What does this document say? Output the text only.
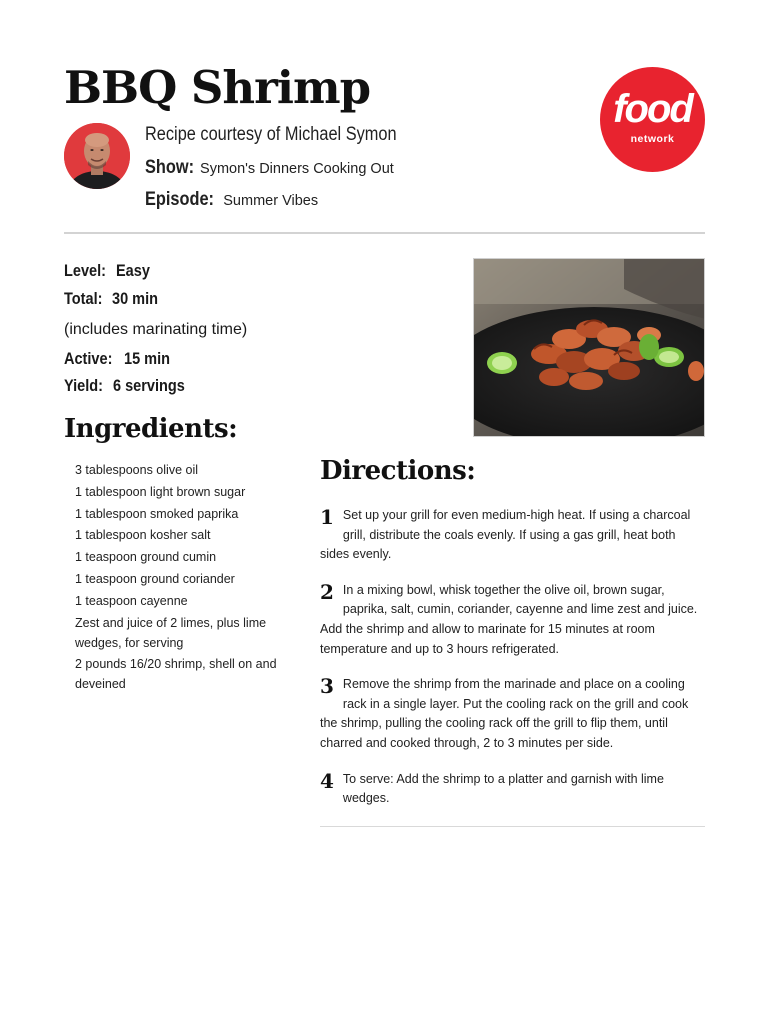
BBQ Shrimp

Recipe courtesy of Michael Symon

Show: Symon's Dinners Cooking Out

Episode: Summer Vibes

food
network

Level: Easy

Total: 30 min

(includes marinating time)

Active: 15 min

Yield: 6 servings

Ingredients:
3 tablespoons olive oil
1 tablespoon light brown sugar
1 tablespoon smoked paprika
1 tablespoon kosher salt
1 teaspoon ground cumin
1 teaspoon ground coriander
1 teaspoon cayenne
Zest and juice of 2 limes, plus lime wedges, for serving
2 pounds 16/20 shrimp, shell on and deveined
Directions:
1 Set up your grill for even medium-high heat. If using a charcoal grill, distribute the coals evenly. If using a gas grill, heat both sides evenly.
2 In a mixing bowl, whisk together the olive oil, brown sugar, paprika, salt, cumin, coriander, cayenne and lime zest and juice. Add the shrimp and allow to marinate for 15 minutes at room temperature and up to 3 hours refrigerated.
3 Remove the shrimp from the marinade and place on a cooling rack in a single layer. Put the cooling rack on the grill and cook the shrimp, pulling the cooling rack off the grill to flip them, until charred and cooked through, 2 to 3 minutes per side.
4 To serve: Add the shrimp to a platter and garnish with lime wedges.
